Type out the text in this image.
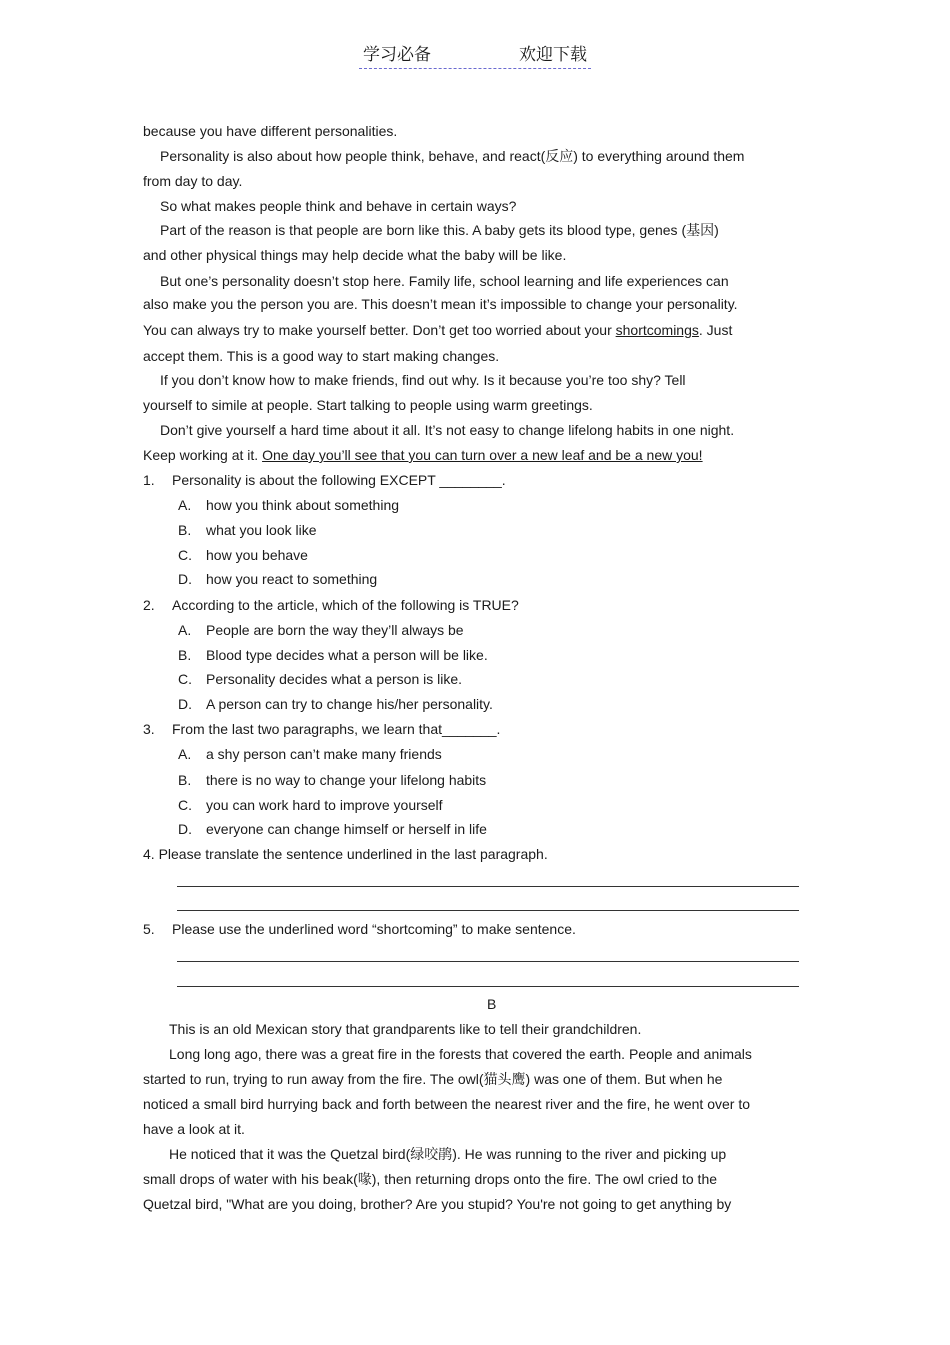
学习必备	欢迎下载
because you have different personalities.
Personality is also about how people think, behave, and react(反应) to everything around them
from day to day.
So what makes people think and behave in certain ways?
Part of the reason is that people are born like this. A baby gets its blood type, genes (基因)
and other physical things may help decide what the baby will be like.
But one’s personality doesn’t stop here. Family life, school learning and life experiences can
also make you the person you are. This doesn’t mean it’s impossible to change your personality.
You can always try to make yourself better. Don’t get too worried about your shortcomings. Just
accept them. This is a good way to start making changes.
If you don’t know how to make friends, find out why. Is it because you’re too shy? Tell
yourself to simile at people. Start talking to people using warm greetings.
Don’t give yourself a hard time about it all. It’s not easy to change lifelong habits in one night.
Keep working at it. One day you’ll see that you can turn over a new leaf and be a new you!
1. Personality is about the following EXCEPT ________.
A. how you think about something
B. what you look like
C. how you behave
D. how you react to something
2. According to the article, which of the following is TRUE?
A. People are born the way they’ll always be
B. Blood type decides what a person will be like.
C. Personality decides what a person is like.
D. A person can try to change his/her personality.
3. From the last two paragraphs, we learn that_______.
A. a shy person can’t make many friends
B. there is no way to change your lifelong habits
C. you can work hard to improve yourself
D. everyone can change himself or herself in life
4. Please translate the sentence underlined in the last paragraph.
5. Please use the underlined word “shortcoming” to make sentence.
B
This is an old Mexican story that grandparents like to tell their grandchildren.
Long long ago, there was a great fire in the forests that covered the earth. People and animals
started to run, trying to run away from the fire. The owl(猫头鹰) was one of them. But when he
noticed a small bird hurrying back and forth between the nearest river and the fire, he went over to
have a look at it.
He noticed that it was the Quetzal bird(绿咬鹃). He was running to the river and picking up
small drops of water with his beak(喙), then returning drops onto the fire. The owl cried to the
Quetzal bird, "What are you doing, brother? Are you stupid? You're not going to get anything by
